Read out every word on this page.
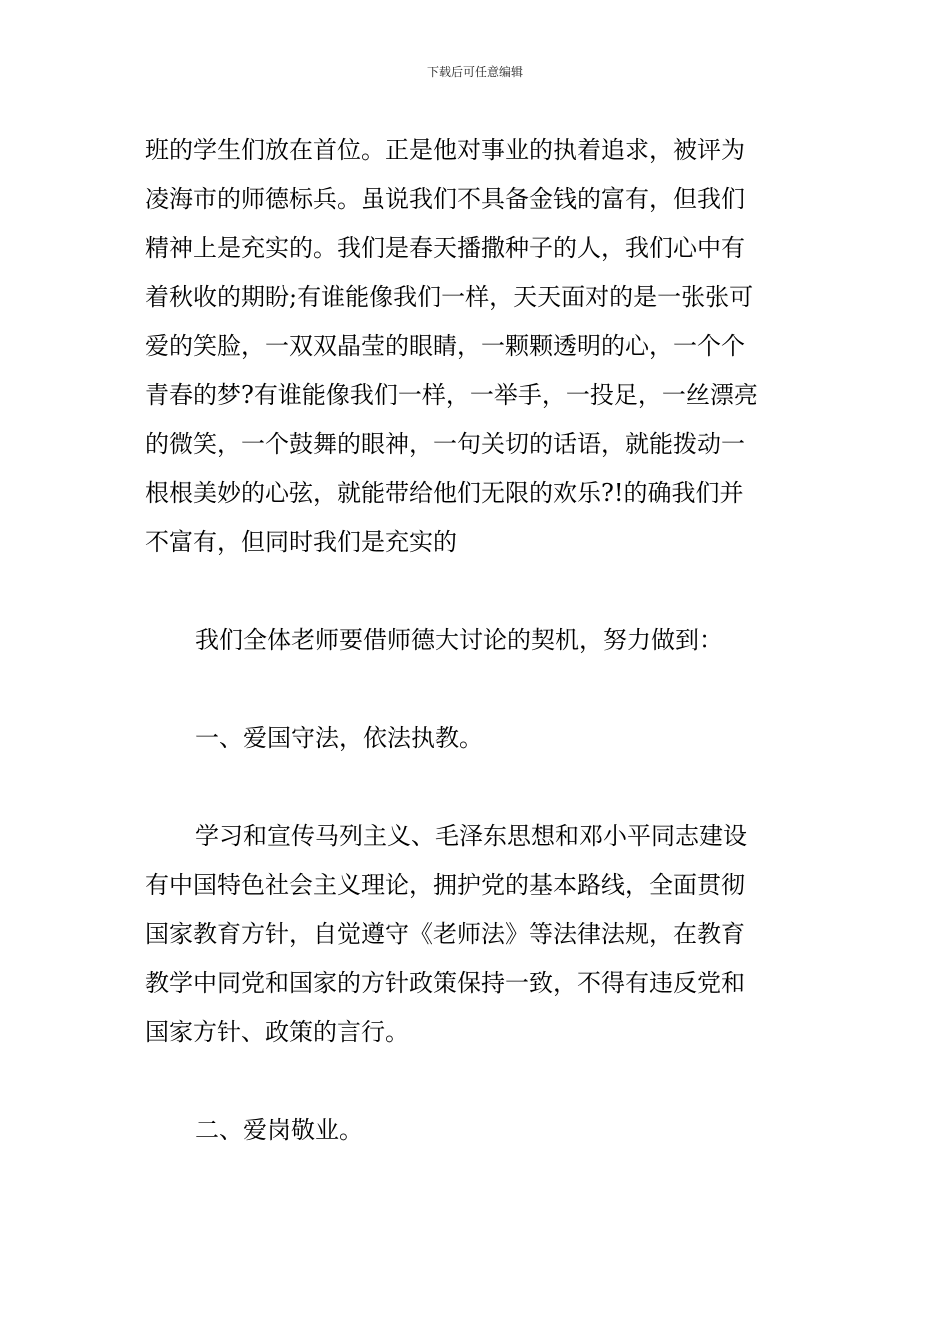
下载后可任意编辑
班的学生们放在首位。正是他对事业的执着追求，被评为
凌海市的师德标兵。虽说我们不具备金钱的富有，但我们
精神上是充实的。我们是春天播撒种子的人，我们心中有
着秋收的期盼;有谁能像我们一样，天天面对的是一张张可
爱的笑脸，一双双晶莹的眼睛，一颗颗透明的心，一个个
青春的梦?有谁能像我们一样，一举手，一投足，一丝漂亮
的微笑，一个鼓舞的眼神，一句关切的话语，就能拨动一
根根美妙的心弦，就能带给他们无限的欢乐?!的确我们并
不富有，但同时我们是充实的
我们全体老师要借师德大讨论的契机，努力做到：
一、爱国守法，依法执教。
学习和宣传马列主义、毛泽东思想和邓小平同志建设
有中国特色社会主义理论，拥护党的基本路线，全面贯彻
国家教育方针，自觉遵守《老师法》等法律法规，在教育
教学中同党和国家的方针政策保持一致，不得有违反党和
国家方针、政策的言行。
二、爱岗敬业。
